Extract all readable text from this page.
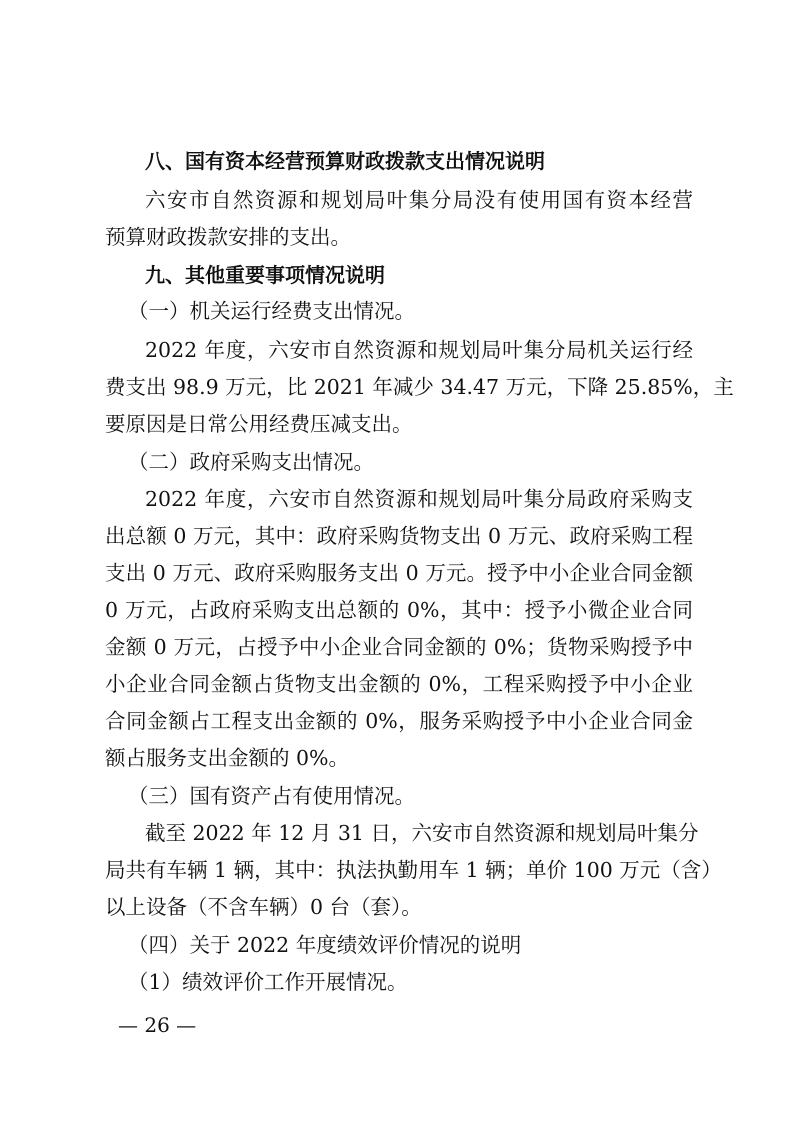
八、国有资本经营预算财政拨款支出情况说明
六安市自然资源和规划局叶集分局没有使用国有资本经营
预算财政拨款安排的支出。
九、其他重要事项情况说明
（一）机关运行经费支出情况。
2022 年度，六安市自然资源和规划局叶集分局机关运行经
费支出 98.9 万元，比 2021 年减少 34.47 万元，下降 25.85%，主
要原因是日常公用经费压减支出。
（二）政府采购支出情况。
2022 年度，六安市自然资源和规划局叶集分局政府采购支
出总额 0 万元，其中：政府采购货物支出 0 万元、政府采购工程
支出 0 万元、政府采购服务支出 0 万元。授予中小企业合同金额
0 万元，占政府采购支出总额的 0%，其中：授予小微企业合同
金额 0 万元，占授予中小企业合同金额的 0%；货物采购授予中
小企业合同金额占货物支出金额的 0%，工程采购授予中小企业
合同金额占工程支出金额的 0%，服务采购授予中小企业合同金
额占服务支出金额的 0%。
（三）国有资产占有使用情况。
截至 2022 年 12 月 31 日，六安市自然资源和规划局叶集分
局共有车辆 1 辆，其中：执法执勤用车 1 辆；单价 100 万元（含）
以上设备（不含车辆）0 台（套）。
（四）关于 2022 年度绩效评价情况的说明
（1）绩效评价工作开展情况。
— 26 —
